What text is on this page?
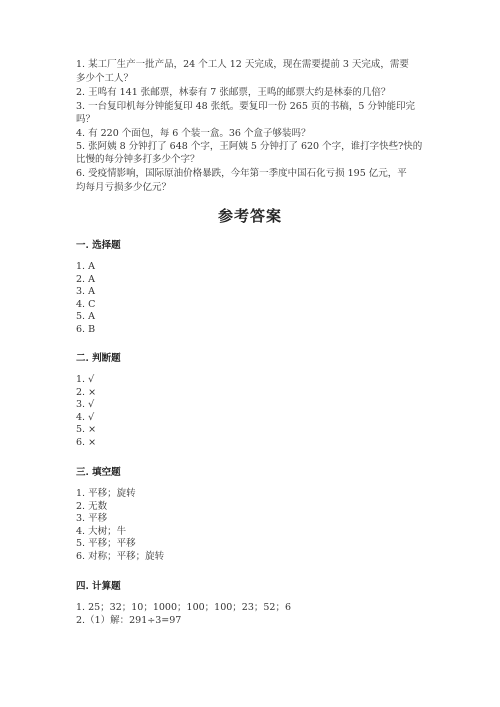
1. 某工厂生产一批产品，24 个工人 12 天完成，现在需要提前 3 天完成，需要
多少个工人？
2. 王鸣有 141 张邮票，林泰有 7 张邮票，王鸣的邮票大约是林泰的几倍？
3. 一台复印机每分钟能复印 48 张纸。要复印一份 265 页的书稿，5 分钟能印完
吗？
4. 有 220 个面包，每 6 个装一盒。36 个盒子够装吗？
5. 张阿姨 8 分钟打了 648 个字，王阿姨 5 分钟打了 620 个字，谁打字快些?快的
比慢的每分钟多打多少个字？
6. 受疫情影响，国际原油价格暴跌，今年第一季度中国石化亏损 195 亿元，平
均每月亏损多少亿元？
参考答案
一. 选择题
1. A
2. A
3. A
4. C
5. A
6. B
二. 判断题
1. √
2. ×
3. √
4. √
5. ×
6. ×
三. 填空题
1. 平移；旋转
2. 无数
3. 平移
4. 大树；牛
5. 平移；平移
6. 对称；平移；旋转
四. 计算题
1. 25；32；10；1000；100；100；23；52；6
2.（1）解：291÷3=97
